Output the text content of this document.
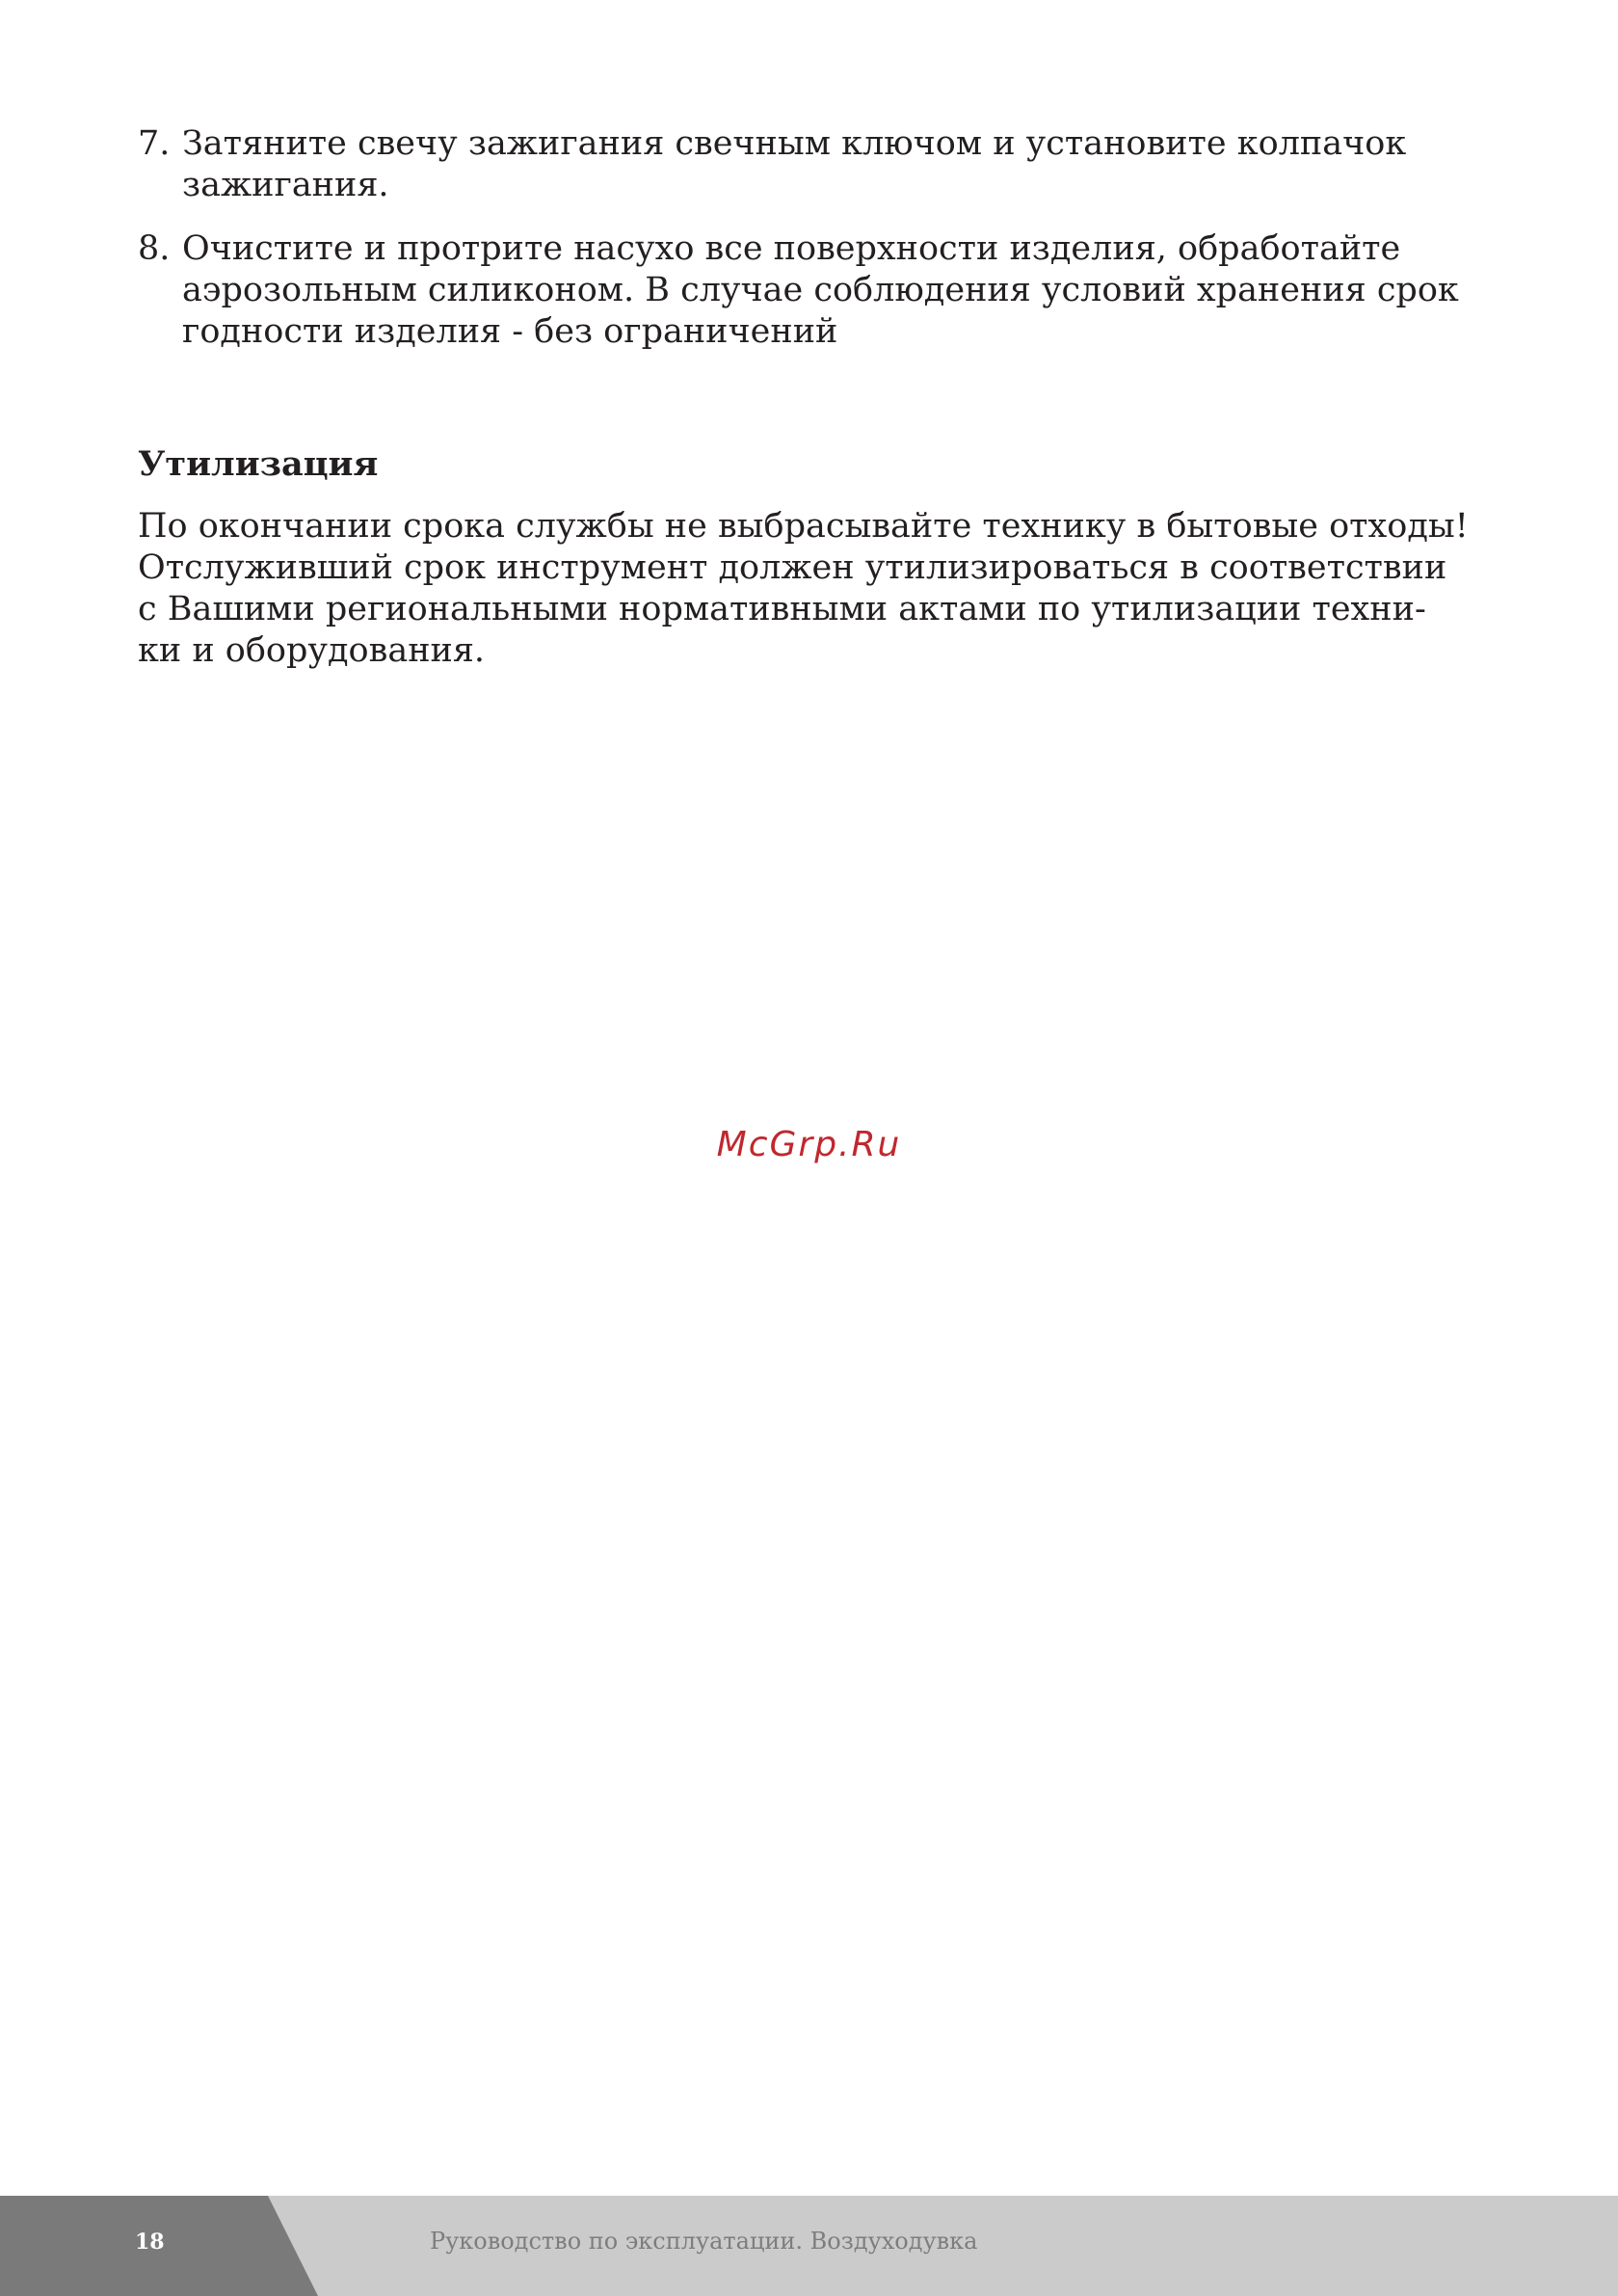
7. Затяните свечу зажигания свечным ключом и установите колпачок
зажигания.
8. Очистите и протрите насухо все поверхности изделия, обработайте
аэрозольным силиконом. В случае соблюдения условий хранения срок
годности изделия - без ограничений
Утилизация

По окончании срока службы не выбрасывайте технику в бытовые отходы!
Отслуживший срок инструмент должен утилизироваться в соответствии
с Вашими региональными нормативными актами по утилизации техни-
ки и оборудования.

McGrp.Ru
18	Руководство по эксплуатации. Воздуходувка
